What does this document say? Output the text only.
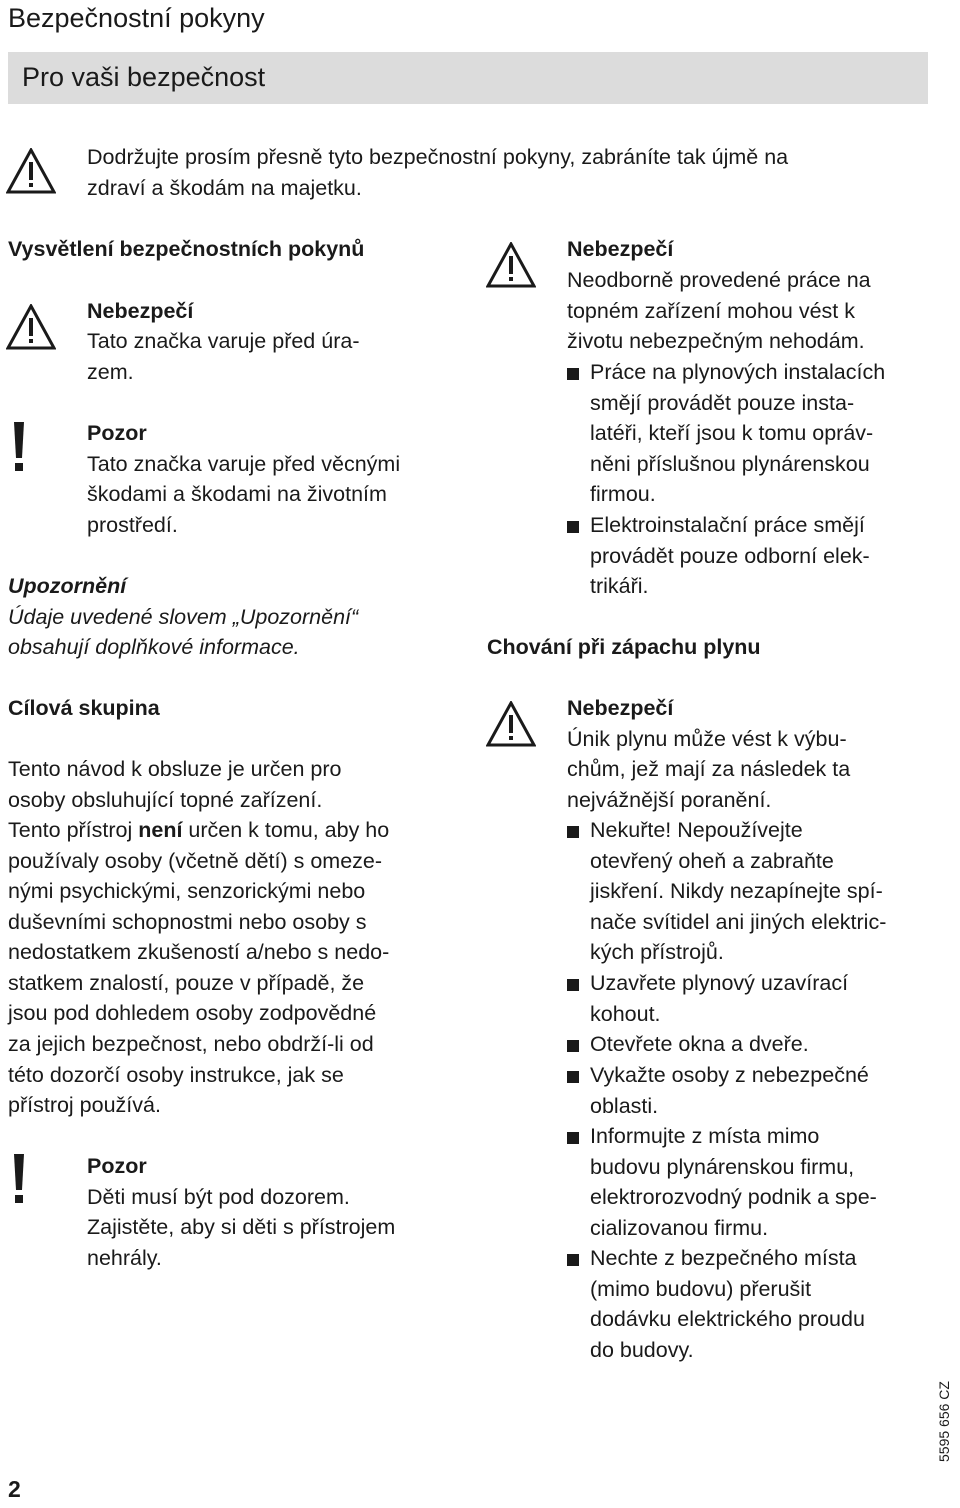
Bezpečnostní pokyny
Pro vaši bezpečnost
Dodržujte prosím přesně tyto bezpečnostní pokyny, zabráníte tak újmě na
zdraví a škodám na majetku.
Vysvětlení bezpečnostních pokynů
Nebezpečí
Tato značka varuje před úra-
zem.
Pozor
Tato značka varuje před věcnými
škodami a škodami na životním
prostředí.
Upozornění
Údaje uvedené slovem „Upozornění“
obsahují doplňkové informace.
Cílová skupina
Tento návod k obsluze je určen pro
osoby obsluhující topné zařízení.
Tento přístroj není určen k tomu, aby ho
používaly osoby (včetně dětí) s omeze-
nými psychickými, senzorickými nebo
duševními schopnostmi nebo osoby s
nedostatkem zkušeností a/nebo s nedo-
statkem znalostí, pouze v případě, že
jsou pod dohledem osoby zodpovědné
za jejich bezpečnost, nebo obdrží-li od
této dozorčí osoby instrukce, jak se
přístroj používá.
Pozor
Děti musí být pod dozorem.
Zajistěte, aby si děti s přístrojem
nehrály.
Nebezpečí
Neodborně provedené práce na
topném zařízení mohou vést k
životu nebezpečným nehodám.
Práce na plynových instalacích
smějí provádět pouze insta-
latéři, kteří jsou k tomu opráv-
něni příslušnou plynárenskou
firmou.
Elektroinstalační práce smějí
provádět pouze odborní elek-
trikáři.
Chování při zápachu plynu
Nebezpečí
Únik plynu může vést k výbu-
chům, jež mají za následek ta
nejvážnější poranění.
Nekuřte! Nepoužívejte
otevřený oheň a zabraňte
jiskření. Nikdy nezapínejte spí-
nače svítidel ani jiných elektric-
kých přístrojů.
Uzavřete plynový uzavírací
kohout.
Otevřete okna a dveře.
Vykažte osoby z nebezpečné
oblasti.
Informujte z místa mimo
budovu plynárenskou firmu,
elektrorozvodný podnik a spe-
cializovanou firmu.
Nechte z bezpečného místa
(mimo budovu) přerušit
dodávku elektrického proudu
do budovy.
2
5595 656 CZ
